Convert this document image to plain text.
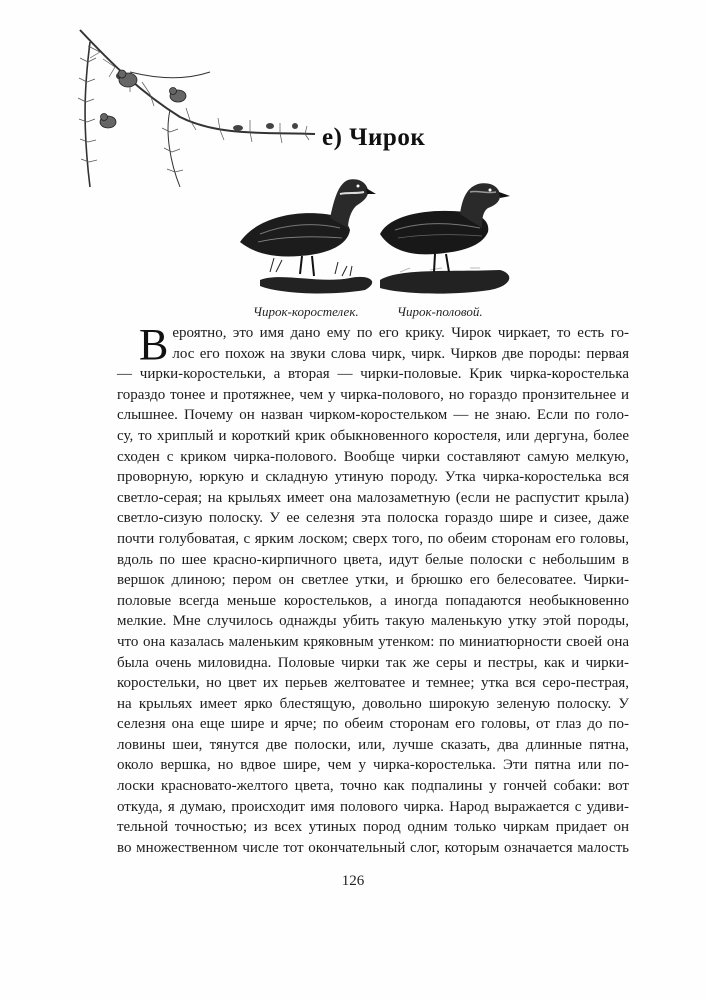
е) Чирок
Чирок-коростелек.	Чирок-половой.
В ероятно, это имя дано ему по его крику. Чирок чиркает, то есть го-
лос его похож на звуки слова чирк, чирк. Чирков две породы: первая
— чирки-коростельки, а вторая — чирки-половые. Крик чирка-коростелька
гораздо тонее и протяжнее, чем у чирка-полового, но гораздо пронзительнее и
слышнее. Почему он назван чирком-коростельком — не знаю. Если по голо-
су, то хриплый и короткий крик обыкновенного коростеля, или дергуна, более
сходен с криком чирка-полового. Вообще чирки составляют самую мелкую,
проворную, юркую и складную утиную породу. Утка чирка-коростелька вся
светло-серая; на крыльях имеет она малозаметную (если не распустит крыла)
светло-сизую полоску. У ее селезня эта полоска гораздо шире и сизее, даже
почти голубоватая, с ярким лоском; сверх того, по обеим сторонам его головы,
вдоль по шее красно-кирпичного цвета, идут белые полоски с небольшим в
вершок длиною; пером он светлее утки, и брюшко его белесоватее. Чирки-
половые всегда меньше коростельков, а иногда попадаются необыкновенно
мелкие. Мне случилось однажды убить такую маленькую утку этой породы,
что она казалась маленьким кряковным утенком: по миниатюрности своей она
была очень миловидна. Половые чирки так же серы и пестры, как и чирки-
коростельки, но цвет их перьев желтоватее и темнее; утка вся серо-пестрая,
на крыльях имеет ярко блестящую, довольно широкую зеленую полоску. У
селезня она еще шире и ярче; по обеим сторонам его головы, от глаз до по-
ловины шеи, тянутся две полоски, или, лучше сказать, два длинные пятна,
около вершка, но вдвое шире, чем у чирка-коростелька. Эти пятна или по-
лоски красновато-желтого цвета, точно как подпалины у гончей собаки: вот
откуда, я думаю, происходит имя полового чирка. Народ выражается с удиви-
тельной точностью; из всех утиных пород одним только чиркам придает он
во множественном числе тот окончательный слог, которым означается малость
126
